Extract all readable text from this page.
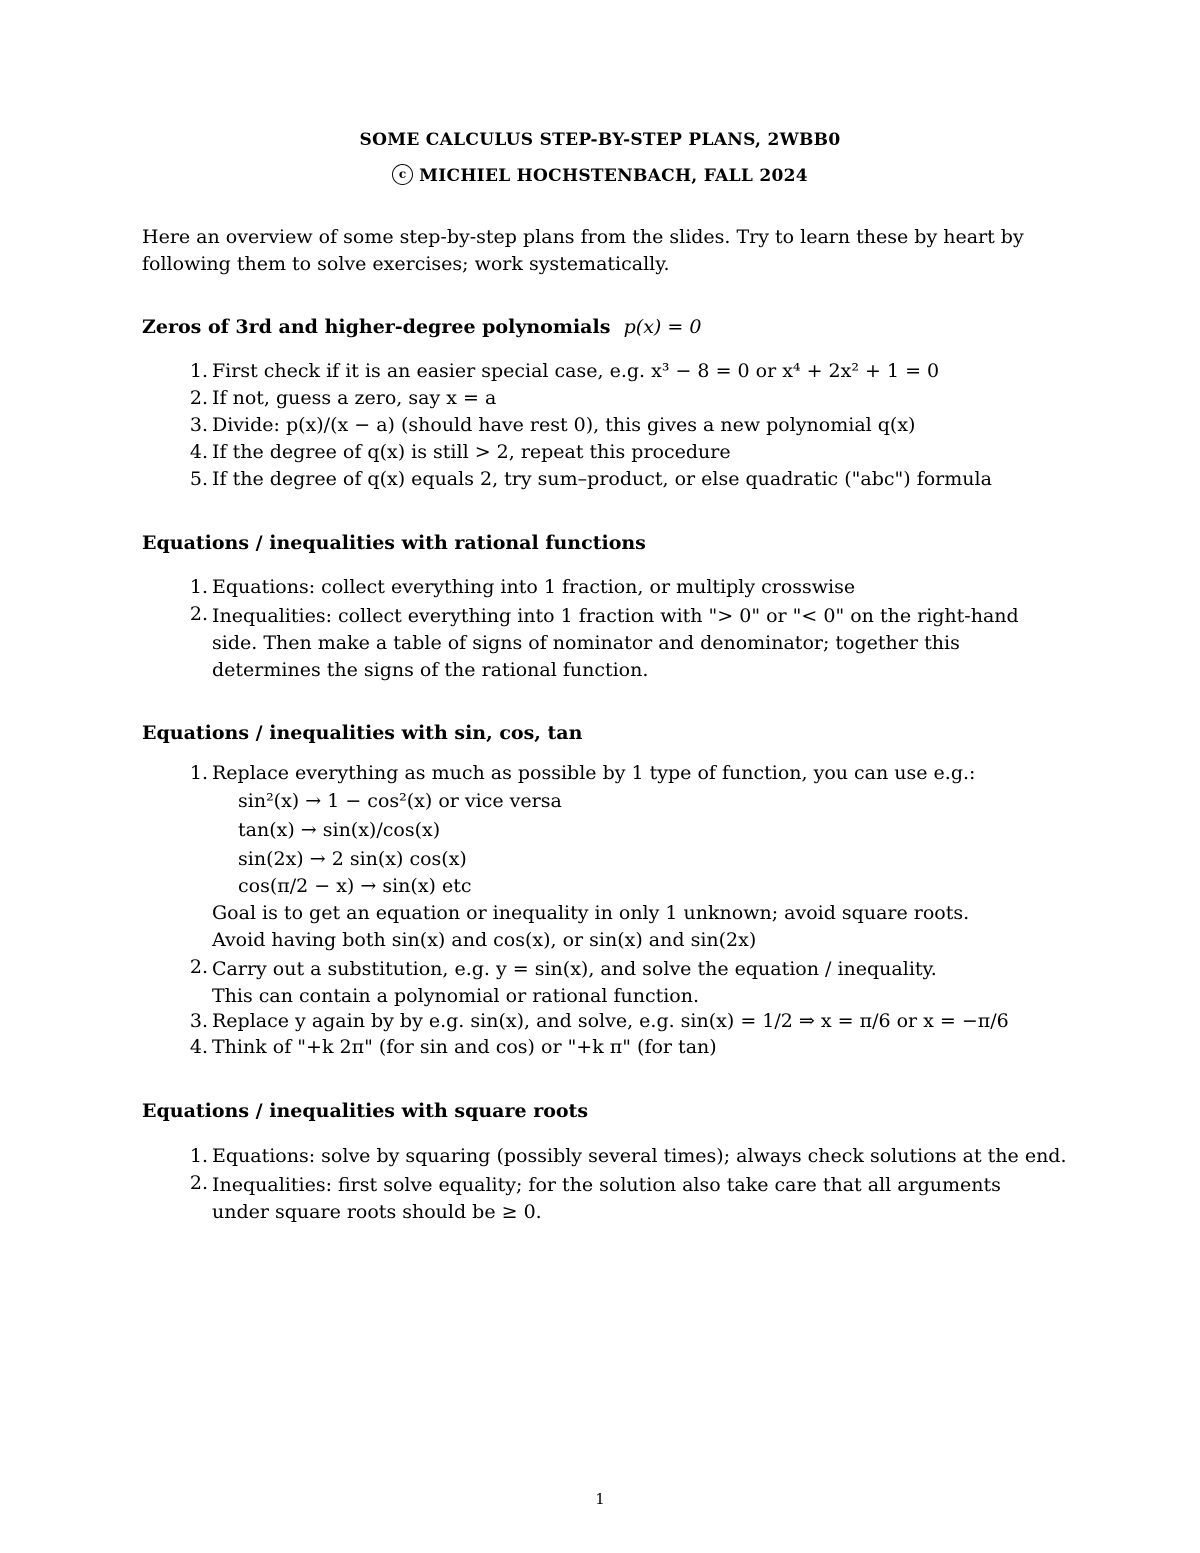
SOME CALCULUS STEP-BY-STEP PLANS, 2WBB0
c MICHIEL HOCHSTENBACH, FALL 2024
Here an overview of some step-by-step plans from the slides. Try to learn these by heart by following them to solve exercises; work systematically.
Zeros of 3rd and higher-degree polynomials p(x) = 0
1. First check if it is an easier special case, e.g. x³ − 8 = 0 or x⁴ + 2x² + 1 = 0
2. If not, guess a zero, say x = a
3. Divide: p(x)/(x − a) (should have rest 0), this gives a new polynomial q(x)
4. If the degree of q(x) is still > 2, repeat this procedure
5. If the degree of q(x) equals 2, try sum–product, or else quadratic ("abc") formula
Equations / inequalities with rational functions
1. Equations: collect everything into 1 fraction, or multiply crosswise
2. Inequalities: collect everything into 1 fraction with "> 0" or "< 0" on the right-hand side. Then make a table of signs of nominator and denominator; together this determines the signs of the rational function.
Equations / inequalities with sin, cos, tan
1. Replace everything as much as possible by 1 type of function, you can use e.g.:
sin²(x) → 1 − cos²(x) or vice versa
tan(x) → sin(x)/cos(x)
sin(2x) → 2 sin(x) cos(x)
cos(π/2 − x) → sin(x) etc
Goal is to get an equation or inequality in only 1 unknown; avoid square roots.
Avoid having both sin(x) and cos(x), or sin(x) and sin(2x)
2. Carry out a substitution, e.g. y = sin(x), and solve the equation / inequality. This can contain a polynomial or rational function.
3. Replace y again by by e.g. sin(x), and solve, e.g. sin(x) = 1/2 ⇒ x = π/6 or x = −π/6
4. Think of "+k 2π" (for sin and cos) or "+k π" (for tan)
Equations / inequalities with square roots
1. Equations: solve by squaring (possibly several times); always check solutions at the end.
2. Inequalities: first solve equality; for the solution also take care that all arguments under square roots should be ≥ 0.
1
